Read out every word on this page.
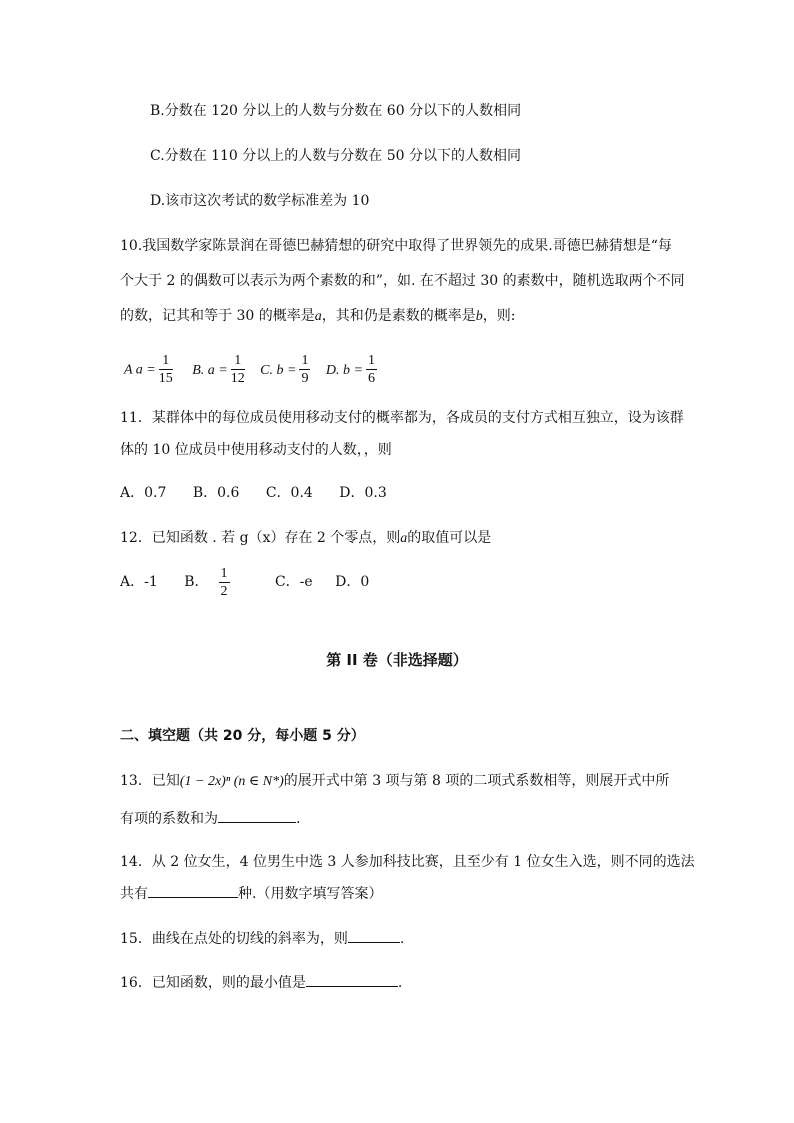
B.分数在 120 分以上的人数与分数在 60 分以下的人数相同
C.分数在 110 分以上的人数与分数在 50 分以下的人数相同
D.该市这次考试的数学标准差为 10
10.我国数学家陈景润在哥德巴赫猜想的研究中取得了世界领先的成果.哥德巴赫猜想是“每
个大于 2 的偶数可以表示为两个素数的和”，如. 在不超过 30 的素数中，随机选取两个不同
的数，记其和等于 30 的概率是a，其和仍是素数的概率是b，则:
A $a = \frac{1}{15} B$. $a = \frac{1}{12} C$. $b = \frac{1}{9} D$. $b = \frac{1}{6}$
11．某群体中的每位成员使用移动支付的概率都为，各成员的支付方式相互独立，设为该群
体的 10 位成员中使用移动支付的人数，，则
A．0.7 B．0.6 C．0.4 D．0.3
12．已知函数 . 若 g（x）存在 2 个零点，则a的取值可以是
A．-1 B． $\frac{1}{2}$	C．-e D．0
第 II 卷（非选择题）
二、填空题（共 20 分，每小题 5 分）
13．已知(1 − 2x)ⁿ (n ∈ N*)的展开式中第 3 项与第 8 项的二项式系数相等，则展开式中所
有项的系数和为	.
14．从 2 位女生，4 位男生中选 3 人参加科技比赛，且至少有 1 位女生入选，则不同的选法
共有	种.（用数字填写答案）
15．曲线在点处的切线的斜率为，则	.
16．已知函数，则的最小值是	.
